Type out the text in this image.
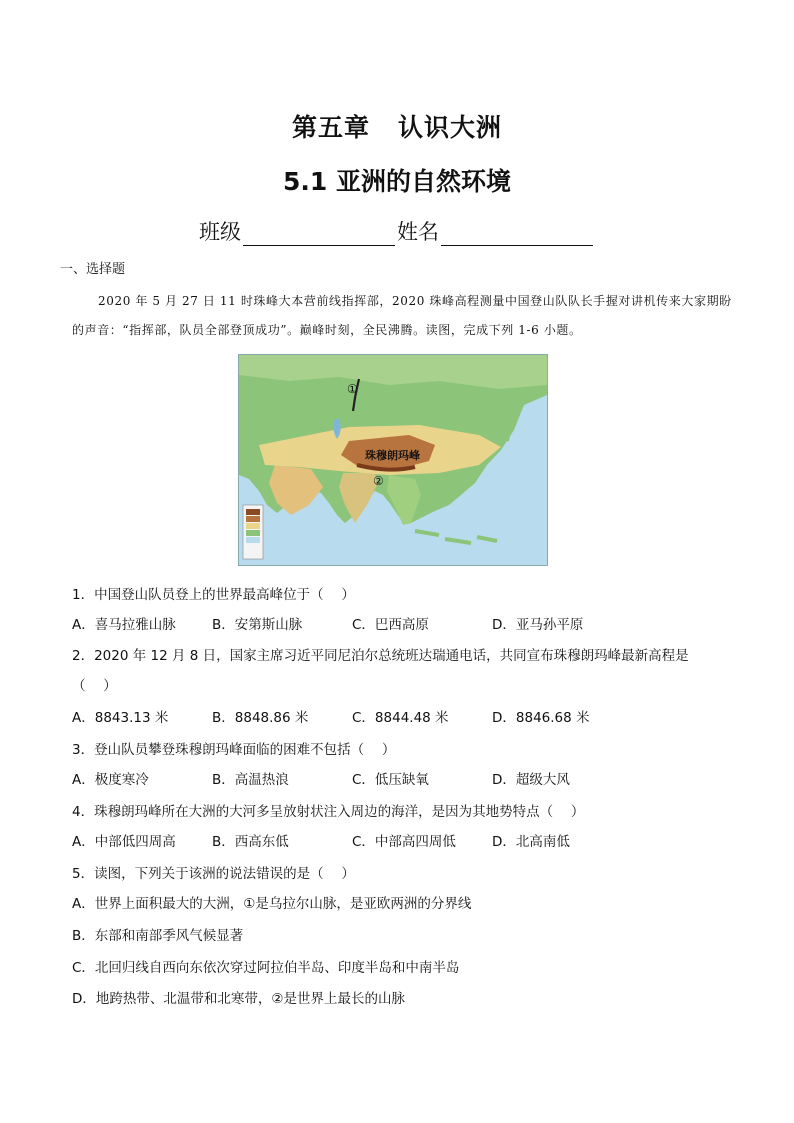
第五章 认识大洲
5.1 亚洲的自然环境
班级	姓名
一、选择题
2020 年 5 月 27 日 11 时珠峰大本营前线指挥部，2020 珠峰高程测量中国登山队队长手握对讲机传来大家期盼的声音：“指挥部，队员全部登顶成功”。巅峰时刻，全民沸腾。读图，完成下列 1-6 小题。
①
珠穆朗玛峰
②
1．中国登山队员登上的世界最高峰位于（　 ）
A．喜马拉雅山脉	B．安第斯山脉	C．巴西高原	D．亚马孙平原
2．2020 年 12 月 8 日，国家主席习近平同尼泊尔总统班达瑞通电话，共同宣布珠穆朗玛峰最新高程是
（　 ）
A．8843.13 米	B．8848.86 米	C．8844.48 米	D．8846.68 米
3．登山队员攀登珠穆朗玛峰面临的困难不包括（　 ）
A．极度寒冷	B．高温热浪	C．低压缺氧	D．超级大风
4．珠穆朗玛峰所在大洲的大河多呈放射状注入周边的海洋，是因为其地势特点（　 ）
A．中部低四周高	B．西高东低	C．中部高四周低	D．北高南低
5．读图，下列关于该洲的说法错误的是（　 ）
A．世界上面积最大的大洲，①是乌拉尔山脉，是亚欧两洲的分界线
B．东部和南部季风气候显著
C．北回归线自西向东依次穿过阿拉伯半岛、印度半岛和中南半岛
D．地跨热带、北温带和北寒带，②是世界上最长的山脉
